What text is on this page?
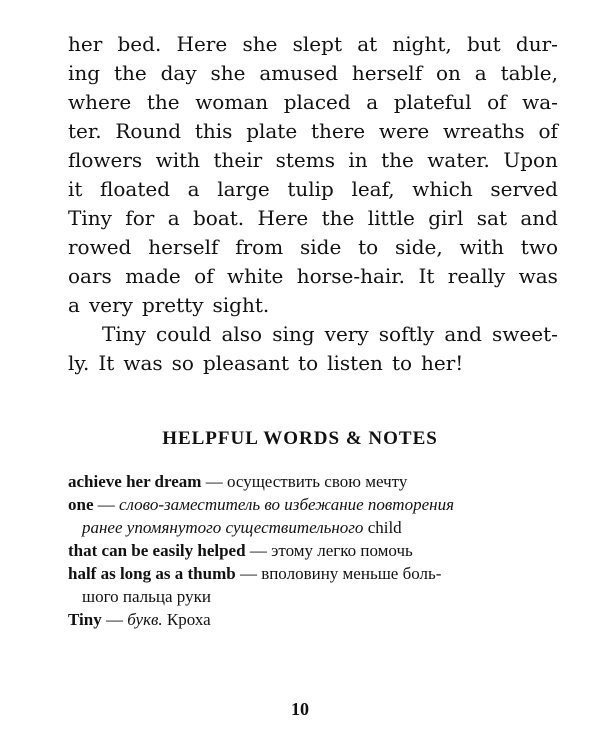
her bed. Here she slept at night, but dur-
ing the day she amused herself on a table,
where the woman placed a plateful of wa-
ter. Round this plate there were wreaths of
flowers with their stems in the water. Upon
it floated a large tulip leaf, which served
Tiny for a boat. Here the little girl sat and
rowed herself from side to side, with two
oars made of white horse-hair. It really was
a very pretty sight.
Tiny could also sing very softly and sweet-
ly. It was so pleasant to listen to her!
HELPFUL WORDS & NOTES
achieve her dream — осуществить свою мечту
one — слово-заместитель во избежание повторения
ранее упомянутого существительного child
that can be easily helped — этому легко помочь
half as long as a thumb — вполовину меньше боль-
шого пальца руки
Tiny — букв. Кроха
10
